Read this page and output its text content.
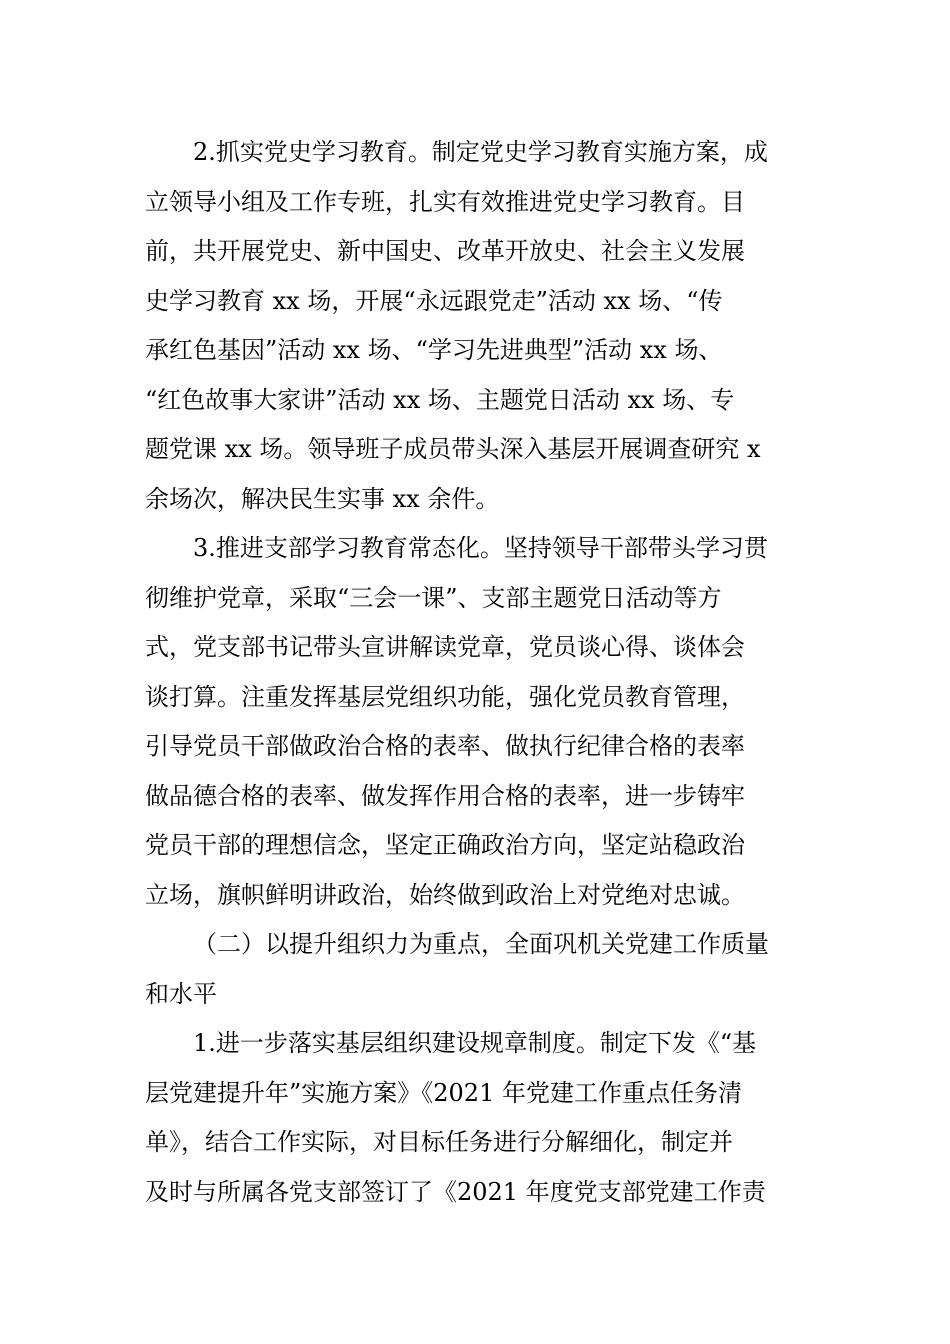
2.抓实党史学习教育。制定党史学习教育实施方案，成
立领导小组及工作专班，扎实有效推进党史学习教育。目
前，共开展党史、新中国史、改革开放史、社会主义发展
史学习教育 xx 场，开展“永远跟党走”活动 xx 场、“传
承红色基因”活动 xx 场、“学习先进典型”活动 xx 场、
“红色故事大家讲”活动 xx 场、主题党日活动 xx 场、专
题党课 xx 场。领导班子成员带头深入基层开展调查研究 x
余场次，解决民生实事 xx 余件。

3.推进支部学习教育常态化。坚持领导干部带头学习贯
彻维护党章，采取“三会一课”、支部主题党日活动等方
式，党支部书记带头宣讲解读党章，党员谈心得、谈体会
谈打算。注重发挥基层党组织功能，强化党员教育管理，
引导党员干部做政治合格的表率、做执行纪律合格的表率
做品德合格的表率、做发挥作用合格的表率，进一步铸牢
党员干部的理想信念，坚定正确政治方向，坚定站稳政治
立场，旗帜鲜明讲政治，始终做到政治上对党绝对忠诚。

（二）以提升组织力为重点，全面巩机关党建工作质量
和水平

1.进一步落实基层组织建设规章制度。制定下发《“基
层党建提升年”实施方案》《2021 年党建工作重点任务清
单》，结合工作实际，对目标任务进行分解细化，制定并
及时与所属各党支部签订了《2021 年度党支部党建工作责
